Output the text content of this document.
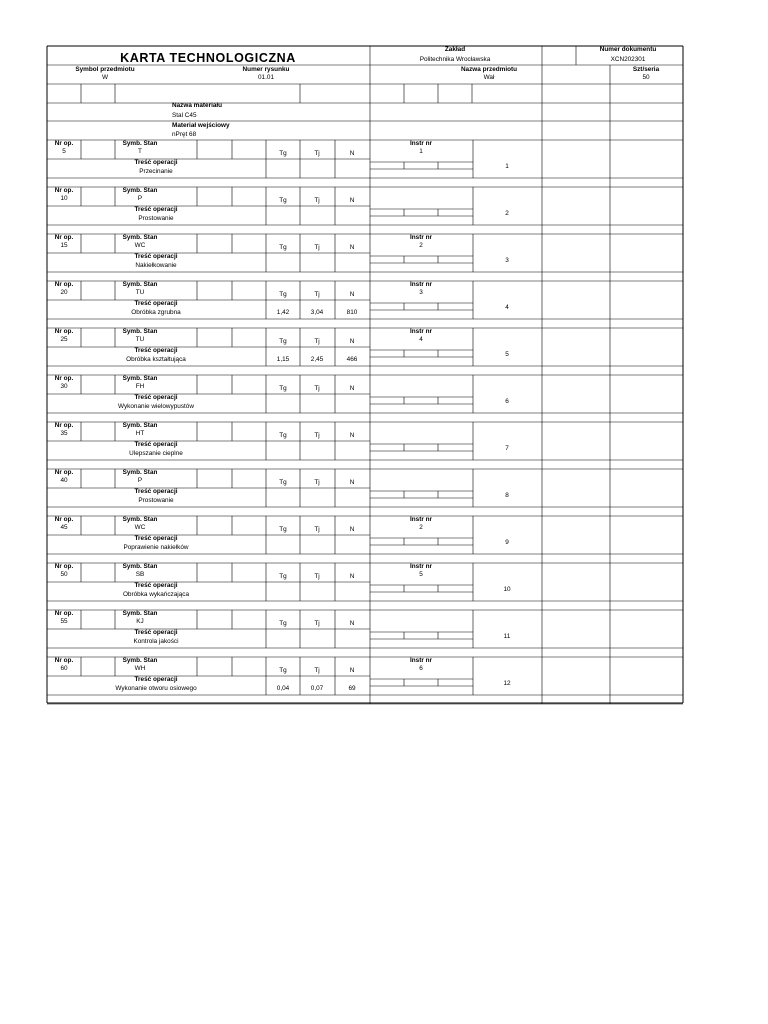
KARTA TECHNOLOGICZNA
Zakład
Politechnika Wrocławska
Numer dokumentu
XCN202301
Symbol przedmiotu
W
Numer rysunku
01.01
Nazwa przedmiotu
Wał
Szt/seria
50
Nazwa materiału
Stal C45
Materiał wejściowy
nPręt 68
Nr op.
5
Symb. Stan
T	Tg	Tj	N
Treść operacji
Przecinanie
Instr nr
1
1
Nr op.
10
Symb. Stan
P	Tg	Tj	N
Treść operacji
Prostowanie
2
Nr op.
15
Symb. Stan
WC	Tg	Tj	N
Treść operacji
Nakiełkowanie
Instr nr
2
3
Nr op.
20
Symb. Stan
TU	Tg	Tj	N
Treść operacji
Obróbka zgrubna	1,42	3,04	810
Instr nr
3
4
Nr op.
25
Symb. Stan
TU	Tg	Tj	N
Treść operacji
Obróbka kształtująca	1,15	2,45	466
Instr nr
4
5
Nr op.
30
Symb. Stan
FH	Tg	Tj	N
Treść operacji
Wykonanie wielowypustów
6
Nr op.
35
Symb. Stan
HT	Tg	Tj	N
Treść operacji
Ulepszanie cieplne
7
Nr op.
40
Symb. Stan
P	Tg	Tj	N
Treść operacji
Prostowanie
8
Nr op.
45
Symb. Stan
WC	Tg	Tj	N
Treść operacji
Poprawienie nakiełków
Instr nr
2
9
Nr op.
50
Symb. Stan
SB	Tg	Tj	N
Treść operacji
Obróbka wykańczająca
Instr nr
5
10
Nr op.
55
Symb. Stan
KJ	Tg	Tj	N
Treść operacji
Kontrola jakości
11
Nr op.
60
Symb. Stan
WH	Tg	Tj	N
Treść operacji
Wykonanie otworu osiowego	0,04	0,07	69
Instr nr
6
12
